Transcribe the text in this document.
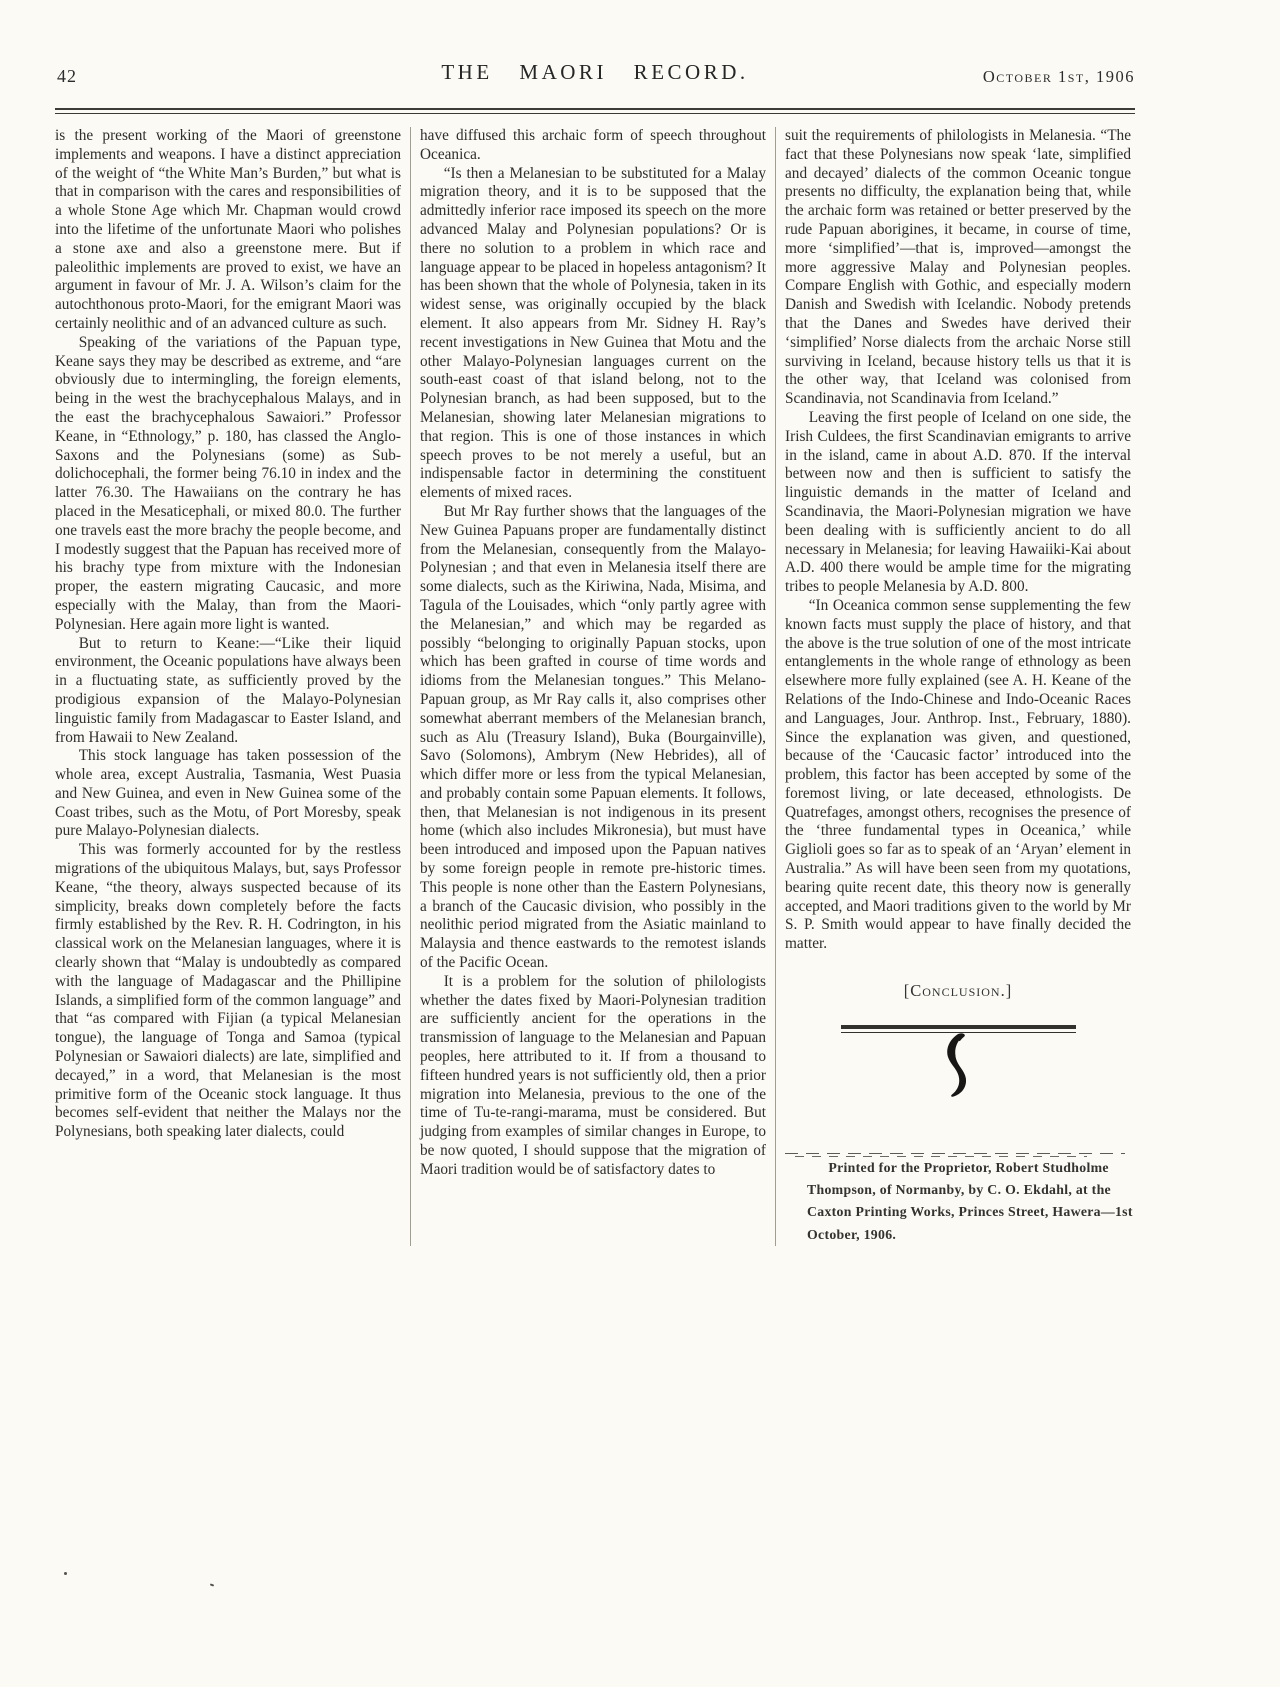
42	THE MAORI RECORD.	October 1st, 1906

is the present working of the Maori of greenstone implements and weapons. I have a distinct appreciation of the weight of “the White Man’s Burden,” but what is that in comparison with the cares and responsibilities of a whole Stone Age which Mr. Chapman would crowd into the lifetime of the unfortunate Maori who polishes a stone axe and also a greenstone mere. But if paleolithic implements are proved to exist, we have an argument in favour of Mr. J. A. Wilson’s claim for the autochthonous proto-Maori, for the emigrant Maori was certainly neolithic and of an advanced culture as such.

Speaking of the variations of the Papuan type, Keane says they may be described as extreme, and “are obviously due to intermingling, the foreign elements, being in the west the brachycephalous Malays, and in the east the brachycephalous Sawaiori.” Professor Keane, in “Ethnology,” p. 180, has classed the Anglo-Saxons and the Polynesians (some) as Sub-dolichocephali, the former being 76.10 in index and the latter 76.30. The Hawaiians on the contrary he has placed in the Mesaticephali, or mixed 80.0. The further one travels east the more brachy the people become, and I modestly suggest that the Papuan has received more of his brachy type from mixture with the Indonesian proper, the eastern migrating Caucasic, and more especially with the Malay, than from the Maori-Polynesian. Here again more light is wanted.

But to return to Keane:—“Like their liquid environment, the Oceanic populations have always been in a fluctuating state, as sufficiently proved by the prodigious expansion of the Malayo-Polynesian linguistic family from Madagascar to Easter Island, and from Hawaii to New Zealand.

This stock language has taken possession of the whole area, except Australia, Tasmania, West Puasia and New Guinea, and even in New Guinea some of the Coast tribes, such as the Motu, of Port Moresby, speak pure Malayo-Polynesian dialects.

This was formerly accounted for by the restless migrations of the ubiquitous Malays, but, says Professor Keane, “the theory, always suspected because of its simplicity, breaks down completely before the facts firmly established by the Rev. R. H. Codrington, in his classical work on the Melanesian languages, where it is clearly shown that “Malay is undoubtedly as compared with the language of Madagascar and the Phillipine Islands, a simplified form of the common language” and that “as compared with Fijian (a typical Melanesian tongue), the language of Tonga and Samoa (typical Polynesian or Sawaiori dialects) are late, simplified and decayed,” in a word, that Melanesian is the most primitive form of the Oceanic stock language. It thus becomes self-evident that neither the Malays nor the Polynesians, both speaking later dialects, could

have diffused this archaic form of speech throughout Oceanica.

“Is then a Melanesian to be substituted for a Malay migration theory, and it is to be supposed that the admittedly inferior race imposed its speech on the more advanced Malay and Polynesian populations? Or is there no solution to a problem in which race and language appear to be placed in hopeless antagonism? It has been shown that the whole of Polynesia, taken in its widest sense, was originally occupied by the black element. It also appears from Mr. Sidney H. Ray’s recent investigations in New Guinea that Motu and the other Malayo-Polynesian languages current on the south-east coast of that island belong, not to the Polynesian branch, as had been supposed, but to the Melanesian, showing later Melanesian migrations to that region. This is one of those instances in which speech proves to be not merely a useful, but an indispensable factor in determining the constituent elements of mixed races.

But Mr Ray further shows that the languages of the New Guinea Papuans proper are fundamentally distinct from the Melanesian, consequently from the Malayo-Polynesian ; and that even in Melanesia itself there are some dialects, such as the Kiriwina, Nada, Misima, and Tagula of the Louisades, which “only partly agree with the Melanesian,” and which may be regarded as possibly “belonging to originally Papuan stocks, upon which has been grafted in course of time words and idioms from the Melanesian tongues.” This Melano-Papuan group, as Mr Ray calls it, also comprises other somewhat aberrant members of the Melanesian branch, such as Alu (Treasury Island), Buka (Bourgainville), Savo (Solomons), Ambrym (New Hebrides), all of which differ more or less from the typical Melanesian, and probably contain some Papuan elements. It follows, then, that Melanesian is not indigenous in its present home (which also includes Mikronesia), but must have been introduced and imposed upon the Papuan natives by some foreign people in remote pre-historic times. This people is none other than the Eastern Polynesians, a branch of the Caucasic division, who possibly in the neolithic period migrated from the Asiatic mainland to Malaysia and thence eastwards to the remotest islands of the Pacific Ocean.

It is a problem for the solution of philologists whether the dates fixed by Maori-Polynesian tradition are sufficiently ancient for the operations in the transmission of language to the Melanesian and Papuan peoples, here attributed to it. If from a thousand to fifteen hundred years is not sufficiently old, then a prior migration into Melanesia, previous to the one of the time of Tu-te-rangi-marama, must be considered. But judging from examples of similar changes in Europe, to be now quoted, I should suppose that the migration of Maori tradition would be of satisfactory dates to

suit the requirements of philologists in Melanesia. “The fact that these Polynesians now speak ‘late, simplified and decayed’ dialects of the common Oceanic tongue presents no difficulty, the explanation being that, while the archaic form was retained or better preserved by the rude Papuan aborigines, it became, in course of time, more ‘simplified’—that is, improved—amongst the more aggressive Malay and Polynesian peoples. Compare English with Gothic, and especially modern Danish and Swedish with Icelandic. Nobody pretends that the Danes and Swedes have derived their ‘simplified’ Norse dialects from the archaic Norse still surviving in Iceland, because history tells us that it is the other way, that Iceland was colonised from Scandinavia, not Scandinavia from Iceland.”

Leaving the first people of Iceland on one side, the Irish Culdees, the first Scandinavian emigrants to arrive in the island, came in about A.D. 870. If the interval between now and then is sufficient to satisfy the linguistic demands in the matter of Iceland and Scandinavia, the Maori-Polynesian migration we have been dealing with is sufficiently ancient to do all necessary in Melanesia; for leaving Hawaiiki-Kai about A.D. 400 there would be ample time for the migrating tribes to people Melanesia by A.D. 800.

“In Oceanica common sense supplementing the few known facts must supply the place of history, and that the above is the true solution of one of the most intricate entanglements in the whole range of ethnology as been elsewhere more fully explained (see A. H. Keane of the Relations of the Indo-Chinese and Indo-Oceanic Races and Languages, Jour. Anthrop. Inst., February, 1880). Since the explanation was given, and questioned, because of the ‘Caucasic factor’ introduced into the problem, this factor has been accepted by some of the foremost living, or late deceased, ethnologists. De Quatrefages, amongst others, recognises the presence of the ‘three fundamental types in Oceanica,’ while Giglioli goes so far as to speak of an ‘Aryan’ element in Australia.” As will have been seen from my quotations, bearing quite recent date, this theory now is generally accepted, and Maori traditions given to the world by Mr S. P. Smith would appear to have finally decided the matter.

[Conclusion.]

Printed for the Proprietor, Robert Studholme Thompson, of Normanby, by C. O. Ekdahl, at the Caxton Printing Works, Princes Street, Hawera—1st October, 1906.
